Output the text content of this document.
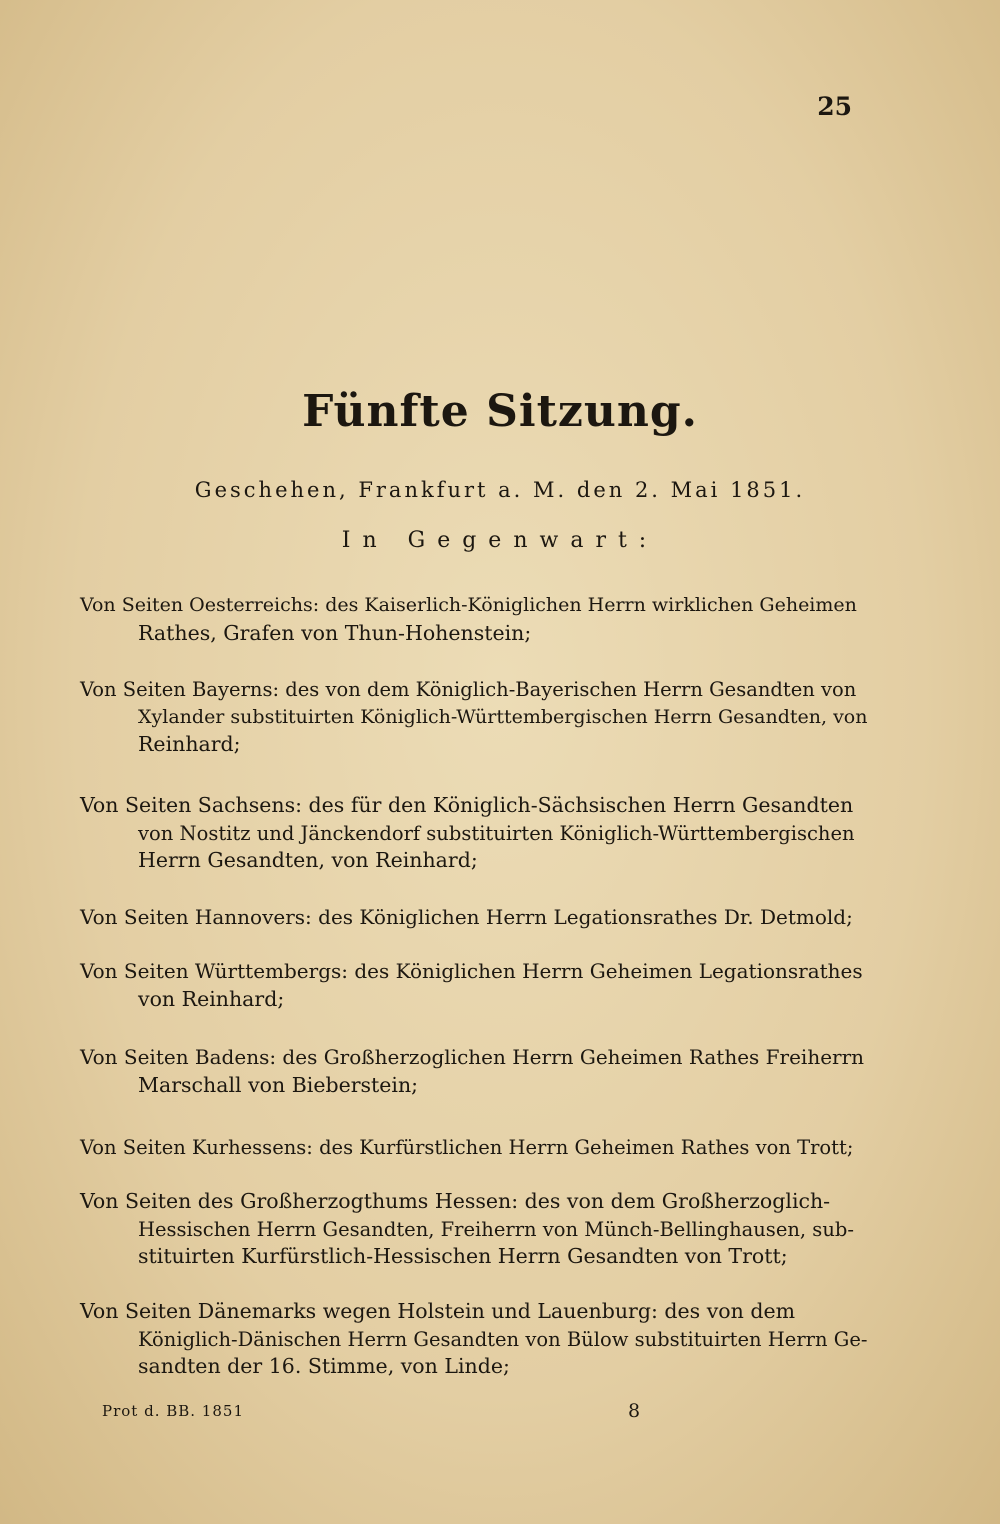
25
Fünfte Sitzung.
Geschehen, Frankfurt a. M. den 2. Mai 1851.
In Gegenwart:
Von Seiten Oesterreichs: des Kaiserlich-Königlichen Herrn wirklichen Geheimen
Rathes, Grafen von Thun-Hohenstein;
Von Seiten Bayerns: des von dem Königlich-Bayerischen Herrn Gesandten von
Xylander substituirten Königlich-Württembergischen Herrn Gesandten, von
Reinhard;
Von Seiten Sachsens: des für den Königlich-Sächsischen Herrn Gesandten
von Nostitz und Jänckendorf substituirten Königlich-Württembergischen
Herrn Gesandten, von Reinhard;
Von Seiten Hannovers: des Königlichen Herrn Legationsrathes Dr. Detmold;
Von Seiten Württembergs: des Königlichen Herrn Geheimen Legationsrathes
von Reinhard;
Von Seiten Badens: des Großherzoglichen Herrn Geheimen Rathes Freiherrn
Marschall von Bieberstein;
Von Seiten Kurhessens: des Kurfürstlichen Herrn Geheimen Rathes von Trott;
Von Seiten des Großherzogthums Hessen: des von dem Großherzoglich-
Hessischen Herrn Gesandten, Freiherrn von Münch-Bellinghausen, sub-
stituirten Kurfürstlich-Hessischen Herrn Gesandten von Trott;
Von Seiten Dänemarks wegen Holstein und Lauenburg: des von dem
Königlich-Dänischen Herrn Gesandten von Bülow substituirten Herrn Ge-
sandten der 16. Stimme, von Linde;
Prot d. BB. 1851	8
